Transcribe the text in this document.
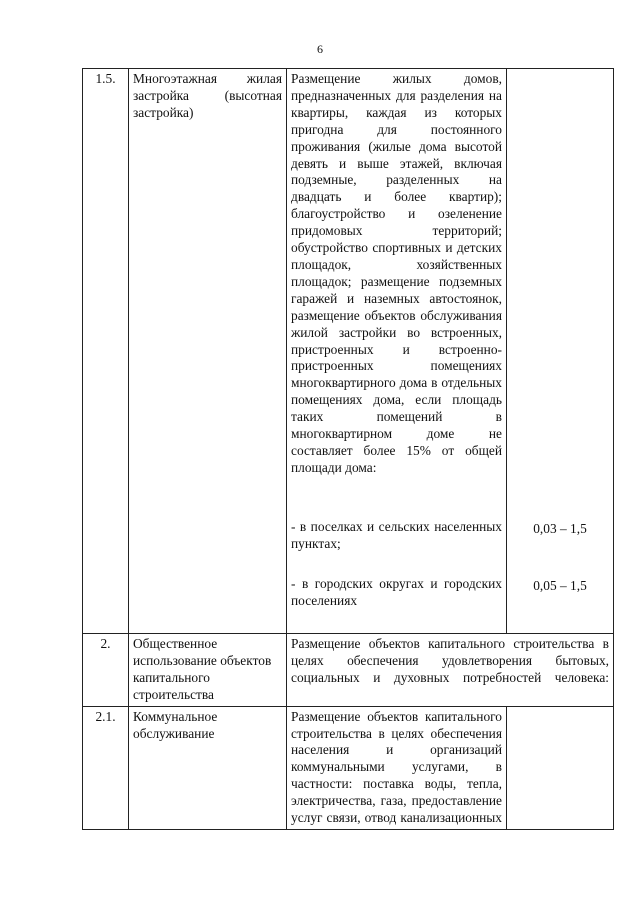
6
1.5.	Многоэтажная жилая застройка (высотная застройка)	Размещение жилых домов, предназначенных для разделения на квартиры, каждая из которых пригодна для постоянного проживания (жилые дома высотой девять и выше этажей, включая подземные, разделенных на двадцать и более квартир); благоустройство и озеленение придомовых территорий; обустройство спортивных и детских площадок, хозяйственных площадок; размещение подземных гаражей и наземных автостоянок, размещение объектов обслуживания жилой застройки во встроенных, пристроенных и встроенно-пристроенных помещениях многоквартирного дома в отдельных помещениях дома, если площадь таких помещений в многоквартирном доме не составляет более 15% от общей площади дома:	

		- в поселках и сельских населенных пунктах;	0,03 – 1,5

		- в городских округах и городских поселениях	0,05 – 1,5
2.	Общественное использование объектов капитального строительства	Размещение объектов капитального строительства в целях обеспечения удовлетворения бытовых, социальных и духовных потребностей человека:	
2.1.	Коммунальное обслуживание	Размещение объектов капитального строительства в целях обеспечения населения и организаций коммунальными услугами, в частности: поставка воды, тепла, электричества, газа, предоставление услуг связи, отвод канализационных	
